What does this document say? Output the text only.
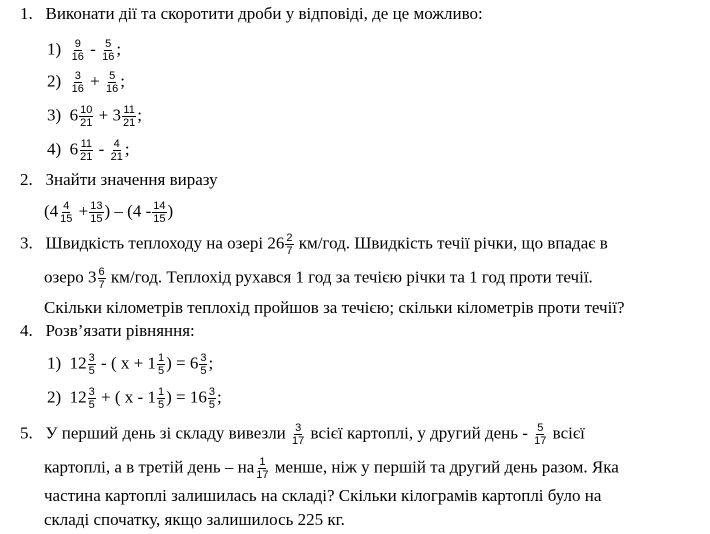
1. Виконати дії та скоротити дроби у відповіді, де це можливо:
$1) \frac{9}{16} - \frac{5}{16}$ ;
$2) \frac{3}{16} + \frac{5}{16}$ ;
3) $6 \frac{10}{21} + 3 \frac{11}{21}$ ;
4) $6 \frac{11}{21} - \frac{4}{21}$ ;
2. Знайти значення виразу
($4 \frac{4}{15} + \frac{13}{15}$ ) – ($4 - \frac{14}{15}$ )
3. Швидкість теплоходу на озері $26 \frac{2}{7} км/год$. Швидкість течії річки, що впадає в
озеро $3 \frac{6}{7} км/год$. Теплохід рухався 1 год за течією річки та 1 год проти течії.
Скільки кілометрів теплохід пройшов за течією; скільки кілометрів проти течії?
4. Розв’язати рівняння:
1) $12 \frac{3}{5}$ - ( $x + 1 \frac{1}{5}$ ) = $6 \frac{3}{5}$ ;
2) $12 \frac{3}{5}$ + ( x - $1 \frac{1}{5}$ ) = $16 \frac{3}{5}$ ;
5. У перший день зі складу вивезли $\frac{3}{17}$ всієї картоплі, у другий день - $\frac{5}{17}$ всієї
картоплі, а в третій день – на $\frac{1}{17}$ менше, ніж у першій та другий день разом. Яка
частина картоплі залишилась на складі? Скільки кілограмів картоплі було на
складі спочатку, якщо залишилось 225 кг.
